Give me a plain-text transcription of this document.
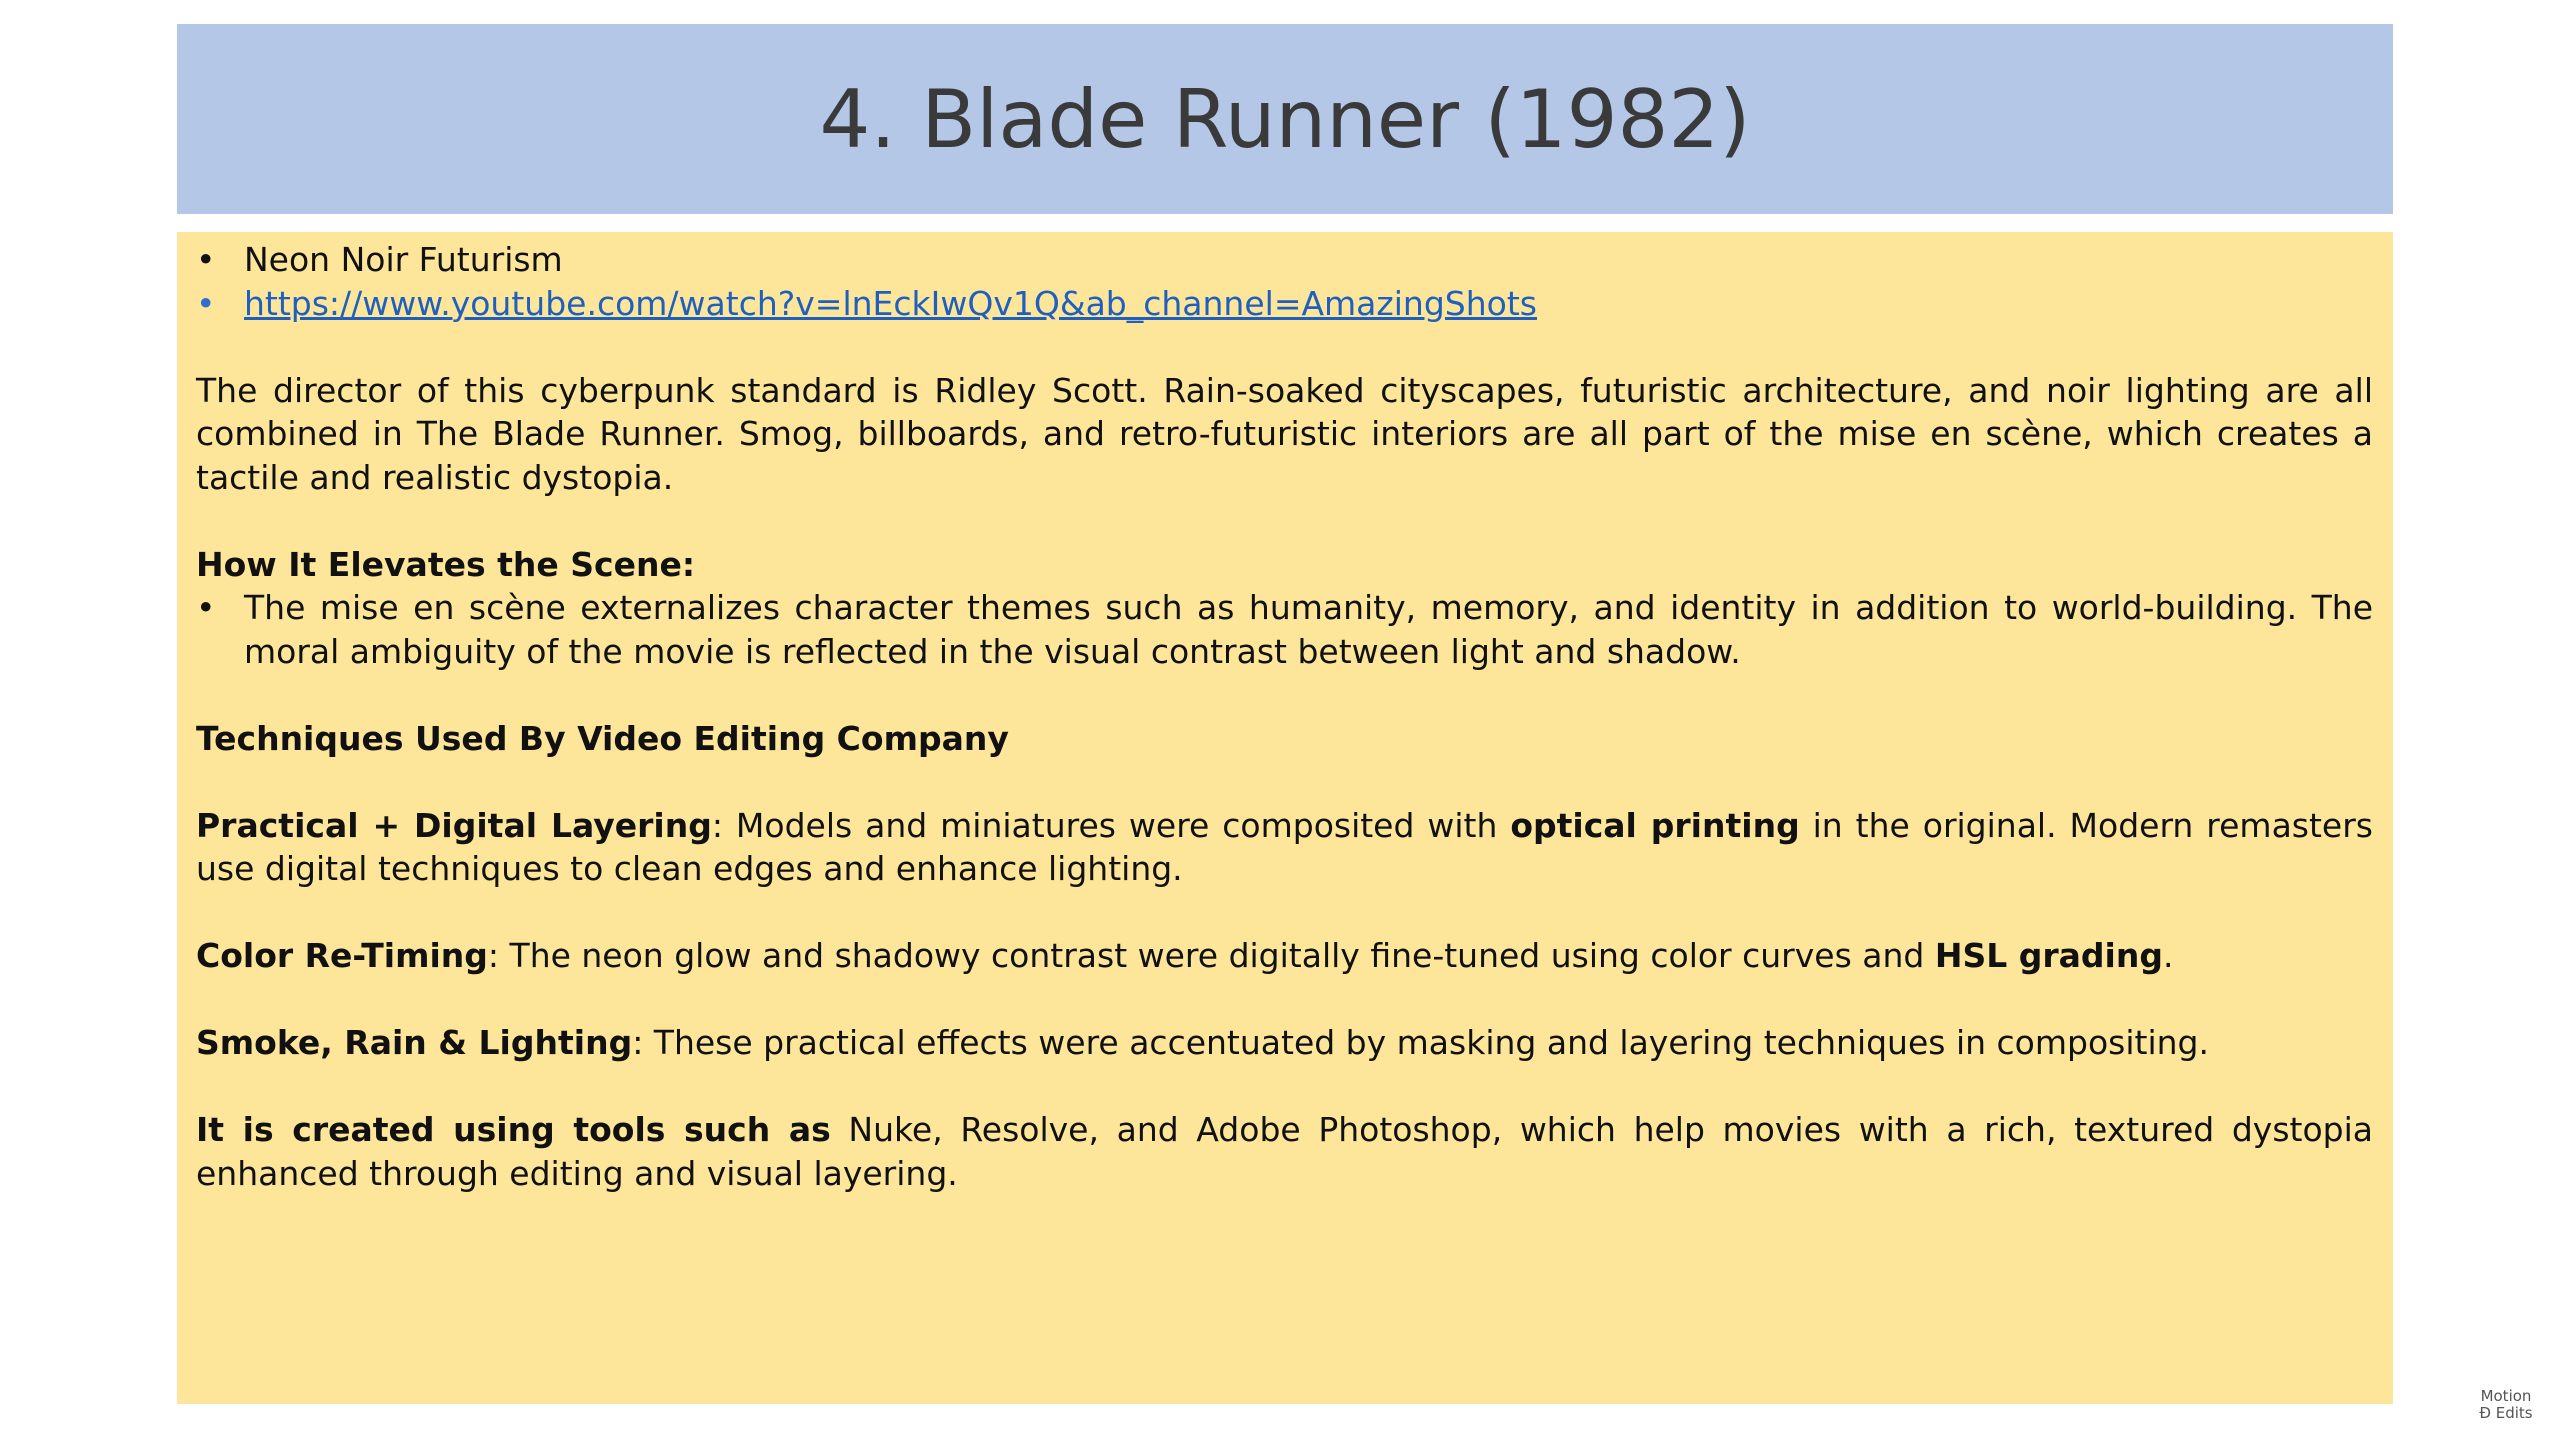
4. Blade Runner (1982)
• Neon Noir Futurism
• https://www.youtube.com/watch?v=lnEckIwQv1Q&ab_channel=AmazingShots

The director of this cyberpunk standard is Ridley Scott. Rain-soaked cityscapes, futuristic architecture, and noir lighting are all combined in The Blade Runner. Smog, billboards, and retro-futuristic interiors are all part of the mise en scène, which creates a tactile and realistic dystopia.

How It Elevates the Scene:

• The mise en scène externalizes character themes such as humanity, memory, and identity in addition to world-building. The moral ambiguity of the movie is reflected in the visual contrast between light and shadow.

Techniques Used By Video Editing Company

Practical + Digital Layering: Models and miniatures were composited with optical printing in the original. Modern remasters use digital techniques to clean edges and enhance lighting.

Color Re-Timing: The neon glow and shadowy contrast were digitally fine-tuned using color curves and HSL grading.

Smoke, Rain & Lighting: These practical effects were accentuated by masking and layering techniques in compositing.

It is created using tools such as Nuke, Resolve, and Adobe Photoshop, which help movies with a rich, textured dystopia enhanced through editing and visual layering.

Motion
Ɖ Edits
